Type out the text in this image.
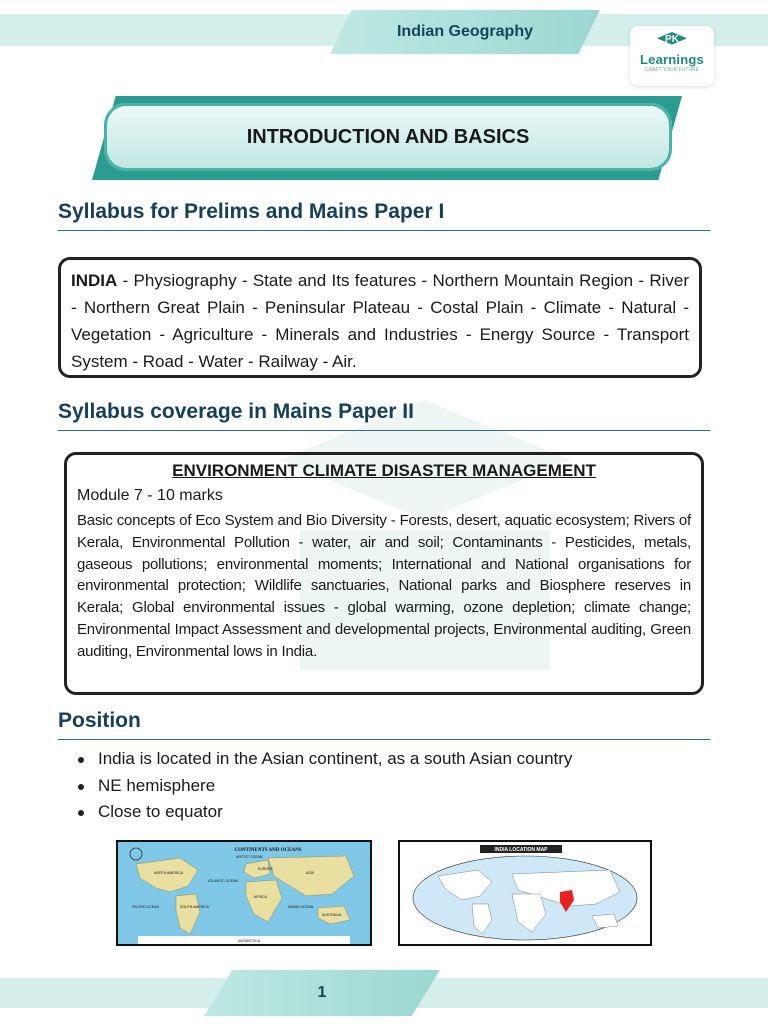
Indian Geography	PK
Learnings
CRAFT YOUR FUTURE
INTRODUCTION AND BASICS
Syllabus for Prelims and Mains Paper I
INDIA - Physiography - State and Its features - Northern Mountain Region - River - Northern Great Plain - Peninsular Plateau - Costal Plain - Climate - Natural - Vegetation - Agriculture - Minerals and Industries - Energy Source - Transport System - Road - Water - Railway - Air.
Syllabus coverage in Mains Paper II
ENVIRONMENT CLIMATE DISASTER MANAGEMENT
Module 7 - 10 marks
Basic concepts of Eco System and Bio Diversity - Forests, desert, aquatic ecosystem; Rivers of Kerala, Environmental Pollution - water, air and soil; Contaminants - Pesticides, metals, gaseous pollutions; environmental moments; International and National organisations for environmental protection; Wildlife sanctuaries, National parks and Biosphere reserves in Kerala; Global environmental issues - global warming, ozone depletion; climate change; Environmental Impact Assessment and developmental projects, Environmental auditing, Green auditing, Environmental lows in India.
Position
India is located in the Asian continent, as a south Asian country
NE hemisphere
Close to equator
CONTINENTS AND OCEANS
ARCTIC OCEAN
NORTH AMERICA
EUROPE
ASIA
ATLANTIC OCEAN
AFRICA
PACIFIC OCEAN	SOUTH AMERICA	INDIAN OCEAN
AUSTRALIA
ANTARCTICA
INDIA LOCATION MAP
1
